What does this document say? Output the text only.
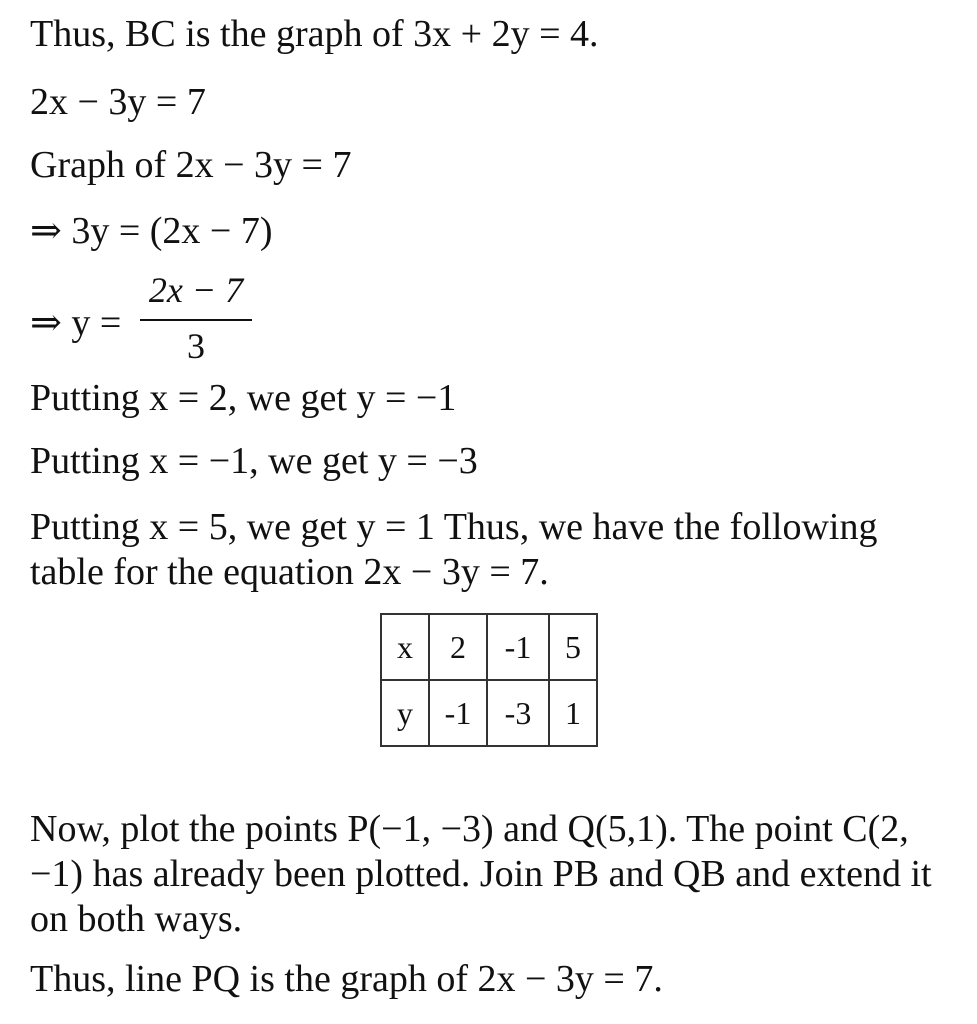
Thus, BC is the graph of 3x + 2y = 4.
2x − 3y = 7
Graph of 2x − 3y = 7
⇒ 3y = (2x − 7)
⇒ y =
2x − 7
3
Putting x = 2, we get y = −1
Putting x = −1, we get y = −3
Putting x = 5, we get y = 1 Thus, we have the following table for the equation 2x − 3y = 7.
x	2	-1	5
y	-1	-3	1
Now, plot the points P(−1, −3) and Q(5,1). The point C(2, −1) has already been plotted. Join PB and QB and extend it on both ways.
Thus, line PQ is the graph of 2x − 3y = 7.
